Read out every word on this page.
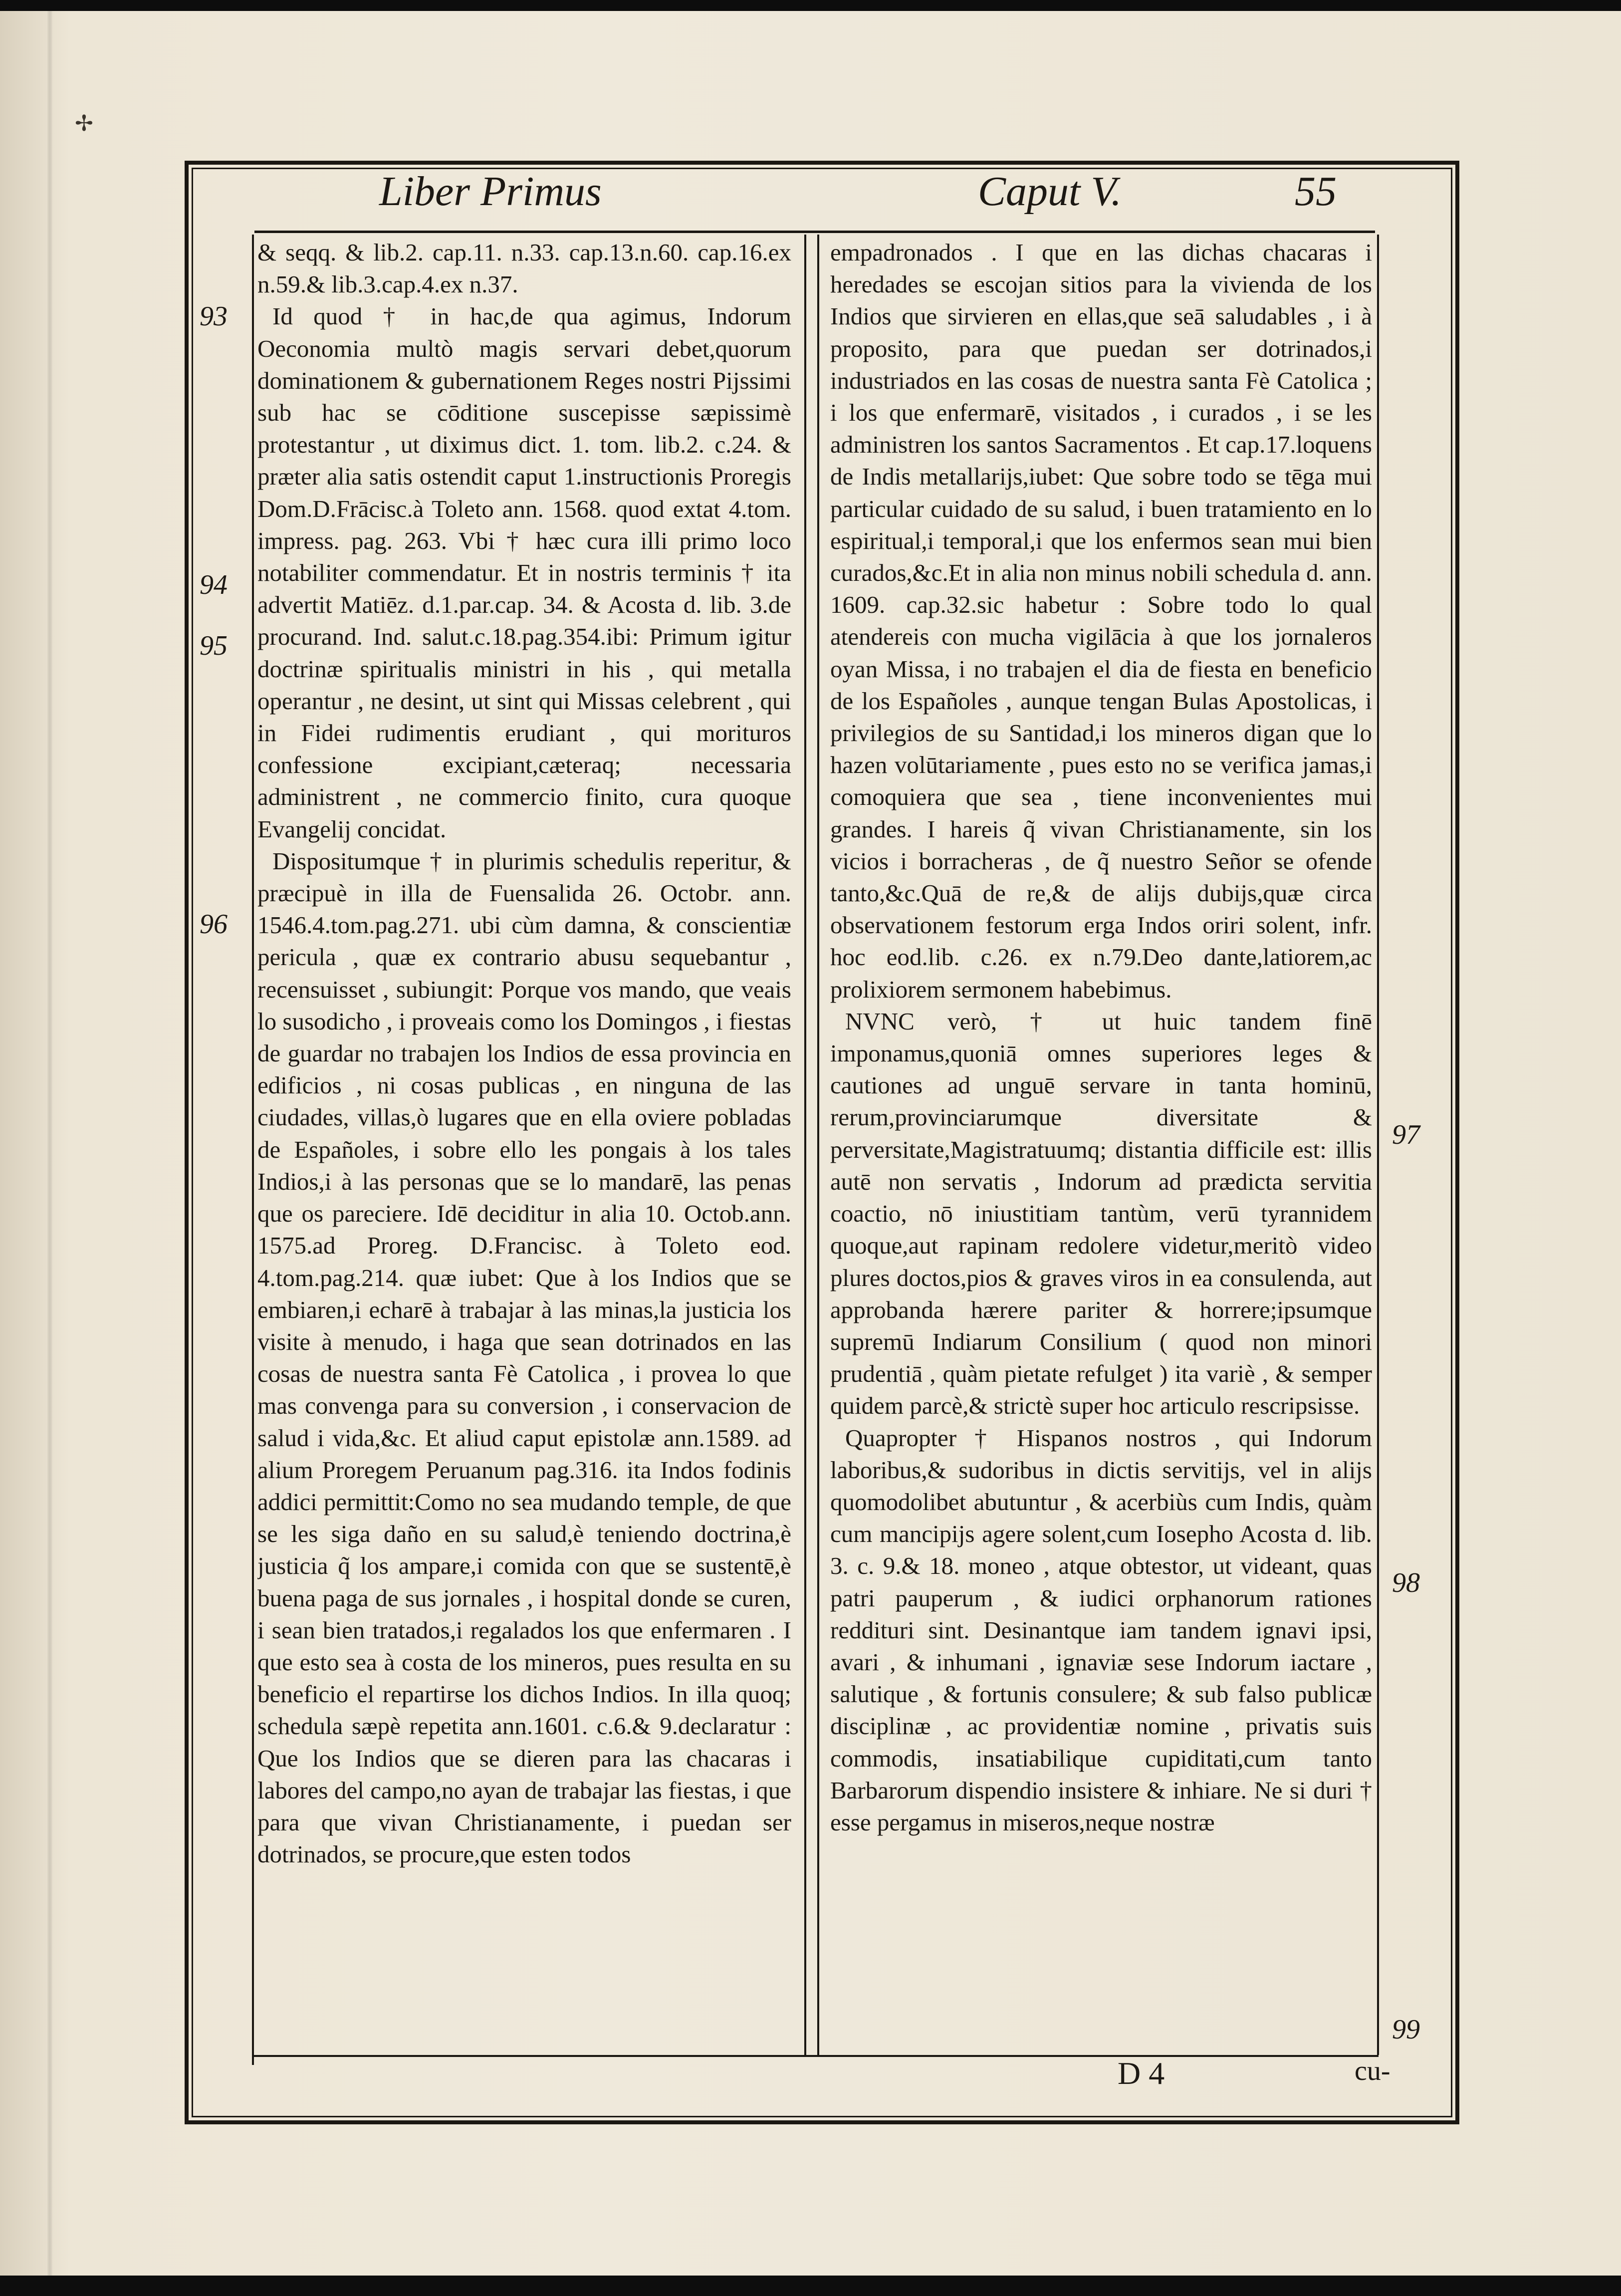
✢
Liber Primus	Caput V.	55
93
94
95
96
97
98
99

& seqq. & lib.2. cap.11. n.33. cap.13.n.60. cap.16.ex n.59.& lib.3.cap.4.ex n.37.

Id quod † in hac,de qua agimus, Indorum Oeconomia multò magis servari debet,quorum dominationem & gubernationem Reges nostri Pijssimi sub hac se cōditione suscepisse sæpissimè protestantur , ut diximus dict. 1. tom. lib.2. c.24. & præter alia satis ostendit caput 1.instructionis Proregis Dom.D.Frācisc.à Toleto ann. 1568. quod extat 4.tom. impress. pag. 263. Vbi † hæc cura illi primo loco notabiliter commendatur. Et in nostris terminis † ita advertit Matiēz. d.1.par.cap. 34. & Acosta d. lib. 3.de procurand. Ind. salut.c.18.pag.354.ibi: Primum igitur doctrinæ spiritualis ministri in his , qui metalla operantur , ne desint, ut sint qui Missas celebrent , qui in Fidei rudimentis erudiant , qui morituros confessione excipiant,cæteraq; necessaria administrent , ne commercio finito, cura quoque Evangelij concidat.

Dispositumque † in plurimis schedulis reperitur, & præcipuè in illa de Fuensalida 26. Octobr. ann. 1546.4.tom.pag.271. ubi cùm damna, & conscientiæ pericula , quæ ex contrario abusu sequebantur , recensuisset , subiungit: Porque vos mando, que veais lo susodicho , i proveais como los Domingos , i fiestas de guardar no trabajen los Indios de essa provincia en edificios , ni cosas publicas , en ninguna de las ciudades, villas,ò lugares que en ella oviere pobladas de Españoles, i sobre ello les pongais à los tales Indios,i à las personas que se lo mandarē, las penas que os pareciere. Idē deciditur in alia 10. Octob.ann. 1575.ad Proreg. D.Francisc. à Toleto eod. 4.tom.pag.214. quæ iubet: Que à los Indios que se embiaren,i echarē à trabajar à las minas,la justicia los visite à menudo, i haga que sean dotrinados en las cosas de nuestra santa Fè Catolica , i provea lo que mas convenga para su conversion , i conservacion de salud i vida,&c. Et aliud caput epistolæ ann.1589. ad alium Proregem Peruanum pag.316. ita Indos fodinis addici permittit:Como no sea mudando temple, de que se les siga daño en su salud,è teniendo doctrina,è justicia q̃ los ampare,i comida con que se sustentē,è buena paga de sus jornales , i hospital donde se curen, i sean bien tratados,i regalados los que enfermaren . I que esto sea à costa de los mineros, pues resulta en su beneficio el repartirse los dichos Indios. In illa quoq; schedula sæpè repetita ann.1601. c.6.& 9.declaratur : Que los Indios que se dieren para las chacaras i labores del campo,no ayan de trabajar las fiestas, i que para que vivan Christianamente, i puedan ser dotrinados, se procure,que esten todos

empadronados . I que en las dichas chacaras i heredades se escojan sitios para la vivienda de los Indios que sirvieren en ellas,que seā saludables , i à proposito, para que puedan ser dotrinados,i industriados en las cosas de nuestra santa Fè Catolica ; i los que enfermarē, visitados , i curados , i se les administren los santos Sacramentos . Et cap.17.loquens de Indis metallarijs,iubet: Que sobre todo se tēga mui particular cuidado de su salud, i buen tratamiento en lo espiritual,i temporal,i que los enfermos sean mui bien curados,&c.Et in alia non minus nobili schedula d. ann. 1609. cap.32.sic habetur : Sobre todo lo qual atendereis con mucha vigilācia à que los jornaleros oyan Missa, i no trabajen el dia de fiesta en beneficio de los Españoles , aunque tengan Bulas Apostolicas, i privilegios de su Santidad,i los mineros digan que lo hazen volūtariamente , pues esto no se verifica jamas,i comoquiera que sea , tiene inconvenientes mui grandes. I hareis q̃ vivan Christianamente, sin los vicios i borracheras , de q̃ nuestro Señor se ofende tanto,&c.Quā de re,& de alijs dubijs,quæ circa observationem festorum erga Indos oriri solent, infr. hoc eod.lib. c.26. ex n.79.Deo dante,latiorem,ac prolixiorem sermonem habebimus.

NVNC verò, † ut huic tandem finē imponamus,quoniā omnes superiores leges & cautiones ad unguē servare in tanta hominū, rerum,provinciarumque diversitate & perversitate,Magistratuumq; distantia difficile est: illis autē non servatis , Indorum ad prædicta servitia coactio, nō iniustitiam tantùm, verū tyrannidem quoque,aut rapinam redolere videtur,meritò video plures doctos,pios & graves viros in ea consulenda, aut approbanda hærere pariter & horrere;ipsumque supremū Indiarum Consilium ( quod non minori prudentiā , quàm pietate refulget ) ita variè , & semper quidem parcè,& strictè super hoc articulo rescripsisse.

Quapropter † Hispanos nostros , qui Indorum laboribus,& sudoribus in dictis servitijs, vel in alijs quomodolibet abutuntur , & acerbiùs cum Indis, quàm cum mancipijs agere solent,cum Iosepho Acosta d. lib. 3. c. 9.& 18. moneo , atque obtestor, ut videant, quas patri pauperum , & iudici orphanorum rationes reddituri sint. Desinantque iam tandem ignavi ipsi, avari , & inhumani , ignaviæ sese Indorum iactare , salutique , & fortunis consulere; & sub falso publicæ disciplinæ , ac providentiæ nomine , privatis suis commodis, insatiabilique cupiditati,cum tanto Barbarorum dispendio insistere & inhiare. Ne si duri † esse pergamus in miseros,neque nostræ

D 4	cu-
